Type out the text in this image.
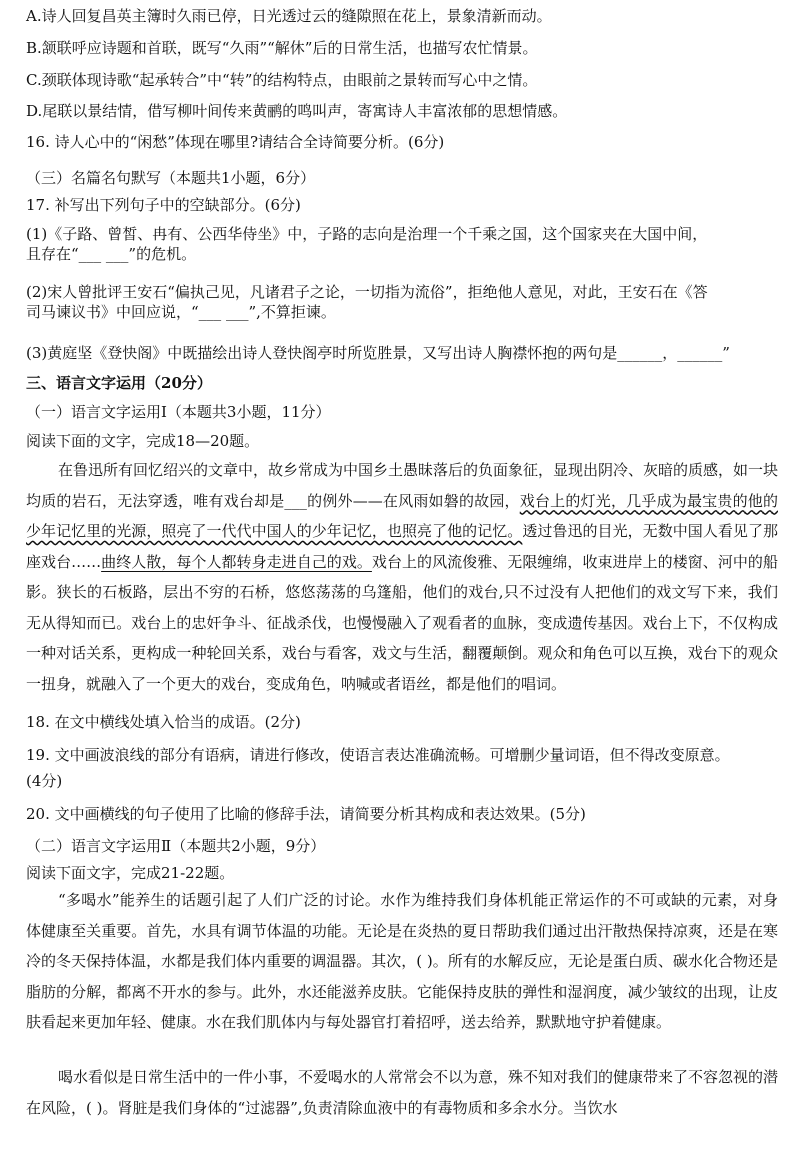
A.诗人回复昌英主簿时久雨已停，日光透过云的缝隙照在花上，景象清新而动。
B.颔联呼应诗题和首联，既写“久雨”“解休”后的日常生活，也描写农忙情景。
C.颈联体现诗歌“起承转合”中“转”的结构特点，由眼前之景转而写心中之情。
D.尾联以景结情，借写柳叶间传来黄鹂的鸣叫声，寄寓诗人丰富浓郁的思想情感。
16. 诗人心中的“闲愁”体现在哪里?请结合全诗简要分析。(6分)
（三）名篇名句默写（本题共1小题，6分）
17. 补写出下列句子中的空缺部分。(6分)
(1)《子路、曾皙、冉有、公西华侍坐》中，子路的志向是治理一个千乘之国，这个国家夹在大国中间，
且存在“___ ___”的危机。
(2)宋人曾批评王安石“偏执己见，凡诸君子之论，一切指为流俗”，拒绝他人意见，对此，王安石在《答
司马谏议书》中回应说，“___ ___”,不算拒谏。
(3)黄庭坚《登快阁》中既描绘出诗人登快阁亭时所览胜景，又写出诗人胸襟怀抱的两句是______，______”
三、语言文字运用（20分）
（一）语言文字运用Ⅰ（本题共3小题，11分）
阅读下面的文字，完成18—20题。
在鲁迅所有回忆绍兴的文章中，故乡常成为中国乡土愚昧落后的负面象征，显现出阴冷、灰暗的质感，如一块均质的岩石，无法穿透，唯有戏台却是___的例外——在风雨如磐的故园，戏台上的灯光，几乎成为最宝贵的他的少年记忆里的光源，照亮了一代代中国人的少年记忆，也照亮了他的记忆。透过鲁迅的目光，无数中国人看见了那座戏台……曲终人散，每个人都转身走进自己的戏。戏台上的风流俊雅、无限缠绵，收束进岸上的楼窗、河中的船影。狭长的石板路，层出不穷的石桥，悠悠荡荡的乌篷船，他们的戏台,只不过没有人把他们的戏文写下来，我们无从得知而已。戏台上的忠奸争斗、征战杀伐，也慢慢融入了观看者的血脉，变成遗传基因。戏台上下，不仅构成一种对话关系，更构成一种轮回关系，戏台与看客，戏文与生活，翻覆颠倒。观众和角色可以互换，戏台下的观众一扭身，就融入了一个更大的戏台，变成角色，呐喊或者语丝，都是他们的唱词。
18. 在文中横线处填入恰当的成语。(2分)
19. 文中画波浪线的部分有语病，请进行修改，使语言表达准确流畅。可增删少量词语，但不得改变原意。
(4分)
20. 文中画横线的句子使用了比喻的修辞手法，请简要分析其构成和表达效果。(5分)
（二）语言文字运用Ⅱ（本题共2小题，9分）
阅读下面文字，完成21-22题。
“多喝水”能养生的话题引起了人们广泛的讨论。水作为维持我们身体机能正常运作的不可或缺的元素，对身体健康至关重要。首先，水具有调节体温的功能。无论是在炎热的夏日帮助我们通过出汗散热保持凉爽，还是在寒冷的冬天保持体温，水都是我们体内重要的调温器。其次，( )。所有的水解反应，无论是蛋白质、碳水化合物还是脂肪的分解，都离不开水的参与。此外，水还能滋养皮肤。它能保持皮肤的弹性和湿润度，减少皱纹的出现，让皮肤看起来更加年轻、健康。水在我们肌体内与每处器官打着招呼，送去给养，默默地守护着健康。
喝水看似是日常生活中的一件小事，不爱喝水的人常常会不以为意，殊不知对我们的健康带来了不容忽视的潜在风险，( )。肾脏是我们身体的“过滤器”,负责清除血液中的有毒物质和多余水分。当饮水
